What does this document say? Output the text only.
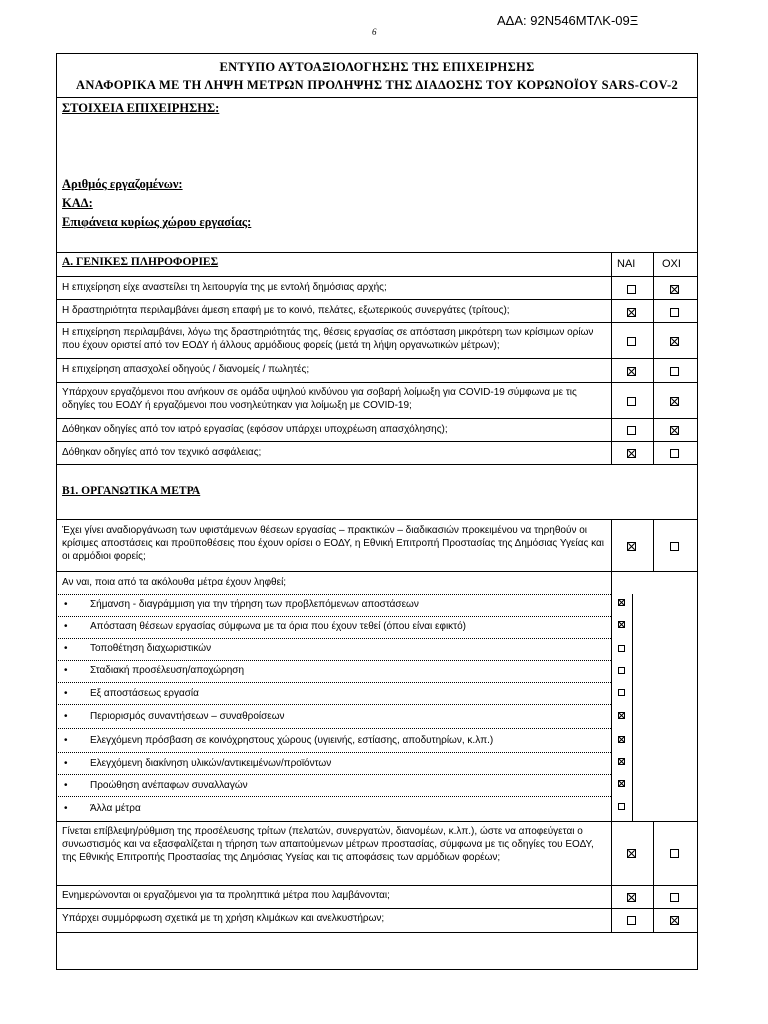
ΑΔΑ: 92Ν546ΜΤΛΚ-09Ξ
6
ΕΝΤΥΠΟ ΑΥΤΟΑΞΙΟΛΟΓΗΣΗΣ ΤΗΣ ΕΠΙΧΕΙΡΗΣΗΣ
ΑΝΑΦΟΡΙΚΑ ΜΕ ΤΗ ΛΗΨΗ ΜΕΤΡΩΝ ΠΡΟΛΗΨΗΣ ΤΗΣ ΔΙΑΔΟΣΗΣ ΤΟΥ ΚΟΡΩΝΟΪΟΥ SARS-COV-2
ΣΤΟΙΧΕΙΑ ΕΠΙΧΕΙΡΗΣΗΣ:
Αριθμός εργαζομένων:
ΚΑΔ:
Επιφάνεια κυρίως χώρου εργασίας:
Α. ΓΕΝΙΚΕΣ ΠΛΗΡΟΦΟΡΙΕΣ	ΝΑΙ ΟΧΙ
Η επιχείρηση είχε αναστείλει τη λειτουργία της με εντολή δημόσιας αρχής;
Η δραστηριότητα περιλαμβάνει άμεση επαφή με το κοινό, πελάτες, εξωτερικούς συνεργάτες (τρίτους);
Η επιχείρηση περιλαμβάνει, λόγω της δραστηριότητάς της, θέσεις εργασίας σε απόσταση μικρότερη των κρίσιμων ορίων που έχουν οριστεί από τον ΕΟΔΥ ή άλλους αρμόδιους φορείς (μετά τη λήψη οργανωτικών μέτρων);
Η επιχείρηση απασχολεί οδηγούς / διανομείς / πωλητές;
Υπάρχουν εργαζόμενοι που ανήκουν σε ομάδα υψηλού κινδύνου για σοβαρή λοίμωξη για COVID-19 σύμφωνα με τις οδηγίες του ΕΟΔΥ ή εργαζόμενοι που νοσηλεύτηκαν για λοίμωξη με COVID-19;
Δόθηκαν οδηγίες από τον ιατρό εργασίας (εφόσον υπάρχει υποχρέωση απασχόλησης);
Δόθηκαν οδηγίες από τον τεχνικό ασφάλειας;
Β1. ΟΡΓΑΝΩΤΙΚΑ ΜΕΤΡΑ
Έχει γίνει αναδιοργάνωση των υφιστάμενων θέσεων εργασίας – πρακτικών – διαδικασιών προκειμένου να τηρηθούν οι κρίσιμες αποστάσεις και προϋποθέσεις που έχουν ορίσει ο ΕΟΔΥ, η Εθνική Επιτροπή Προστασίας της Δημόσιας Υγείας και οι αρμόδιοι φορείς;
Αν ναι, ποια από τα ακόλουθα μέτρα έχουν ληφθεί;
• Σήμανση - διαγράμμιση για την τήρηση των προβλεπόμενων αποστάσεων
• Απόσταση θέσεων εργασίας σύμφωνα με τα όρια που έχουν τεθεί (όπου είναι εφικτό)
• Τοποθέτηση διαχωριστικών
• Σταδιακή προσέλευση/αποχώρηση
• Εξ αποστάσεως εργασία
• Περιορισμός συναντήσεων – συναθροίσεων
• Ελεγχόμενη πρόσβαση σε κοινόχρηστους χώρους (υγιεινής, εστίασης, αποδυτηρίων, κ.λπ.)
• Ελεγχόμενη διακίνηση υλικών/αντικειμένων/προϊόντων
• Προώθηση ανέπαφων συναλλαγών
• Άλλα μέτρα
Γίνεται επίβλεψη/ρύθμιση της προσέλευσης τρίτων (πελατών, συνεργατών, διανομέων, κ.λπ.), ώστε να αποφεύγεται ο συνωστισμός και να εξασφαλίζεται η τήρηση των απαιτούμενων μέτρων προστασίας, σύμφωνα με τις οδηγίες του ΕΟΔΥ, της Εθνικής Επιτροπής Προστασίας της Δημόσιας Υγείας και τις αποφάσεις των αρμόδιων φορέων;
Ενημερώνονται οι εργαζόμενοι για τα προληπτικά μέτρα που λαμβάνονται;
Υπάρχει συμμόρφωση σχετικά με τη χρήση κλιμάκων και ανελκυστήρων;
